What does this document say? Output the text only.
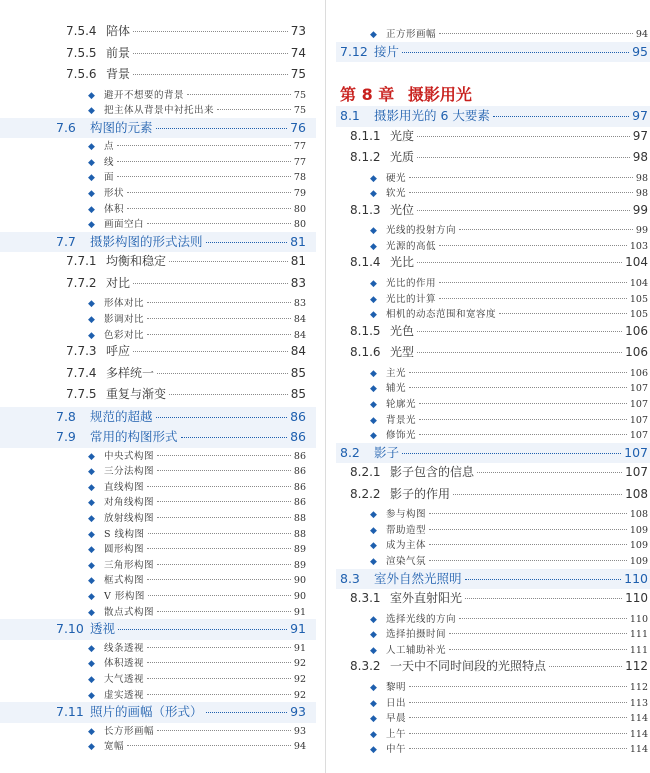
7.5.4 陪体	73
7.5.5 前景	74
7.5.6 背景	75
◆ 避开不想要的背景	75
◆ 把主体从背景中衬托出来	75
7.6	构图的元素	76
◆ 点	77
◆ 线	77
◆ 面	78
◆ 形状	79
◆ 体积	80
◆ 画面空白	80
7.7	摄影构图的形式法则	81
7.7.1 均衡和稳定	81
7.7.2 对比	83
◆ 形体对比	83
◆ 影调对比	84
◆ 色彩对比	84
7.7.3 呼应	84
7.7.4 多样统一	85
7.7.5 重复与渐变	85
7.8	规范的超越	86
7.9	常用的构图形式	86
◆ 中央式构图	86
◆ 三分法构图	86
◆ 直线构图	86
◆ 对角线构图	86
◆ 放射线构图	88
◆ S 线构图	88
◆ 圆形构图	89
◆ 三角形构图	89
◆ 框式构图	90
◆ V 形构图	90
◆ 散点式构图	91
7.10 透视	91
◆ 线条透视	91
◆ 体积透视	92
◆ 大气透视	92
◆ 虚实透视	92
7.11 照片的画幅（形式）	93
◆ 长方形画幅	93
◆ 宽幅	94
◆ 正方形画幅	94
7.12 接片	95
第 8 章 摄影用光
8.1	摄影用光的 6 大要素	97
8.1.1 光度	97
8.1.2 光质	98
◆ 硬光	98
◆ 软光	98
8.1.3 光位	99
◆ 光线的投射方向	99
◆ 光源的高低	103
8.1.4 光比	104
◆ 光比的作用	104
◆ 光比的计算	105
◆ 相机的动态范围和宽容度	105
8.1.5 光色	106
8.1.6 光型	106
◆ 主光	106
◆ 辅光	107
◆ 轮廓光	107
◆ 背景光	107
◆ 修饰光	107
8.2	影子	107
8.2.1 影子包含的信息	107
8.2.2 影子的作用	108
◆ 参与构图	108
◆ 帮助造型	109
◆ 成为主体	109
◆ 渲染气氛	109
8.3	室外自然光照明	110
8.3.1 室外直射阳光	110
◆ 选择光线的方向	110
◆ 选择拍摄时间	111
◆ 人工辅助补光	111
8.3.2 一天中不同时间段的光照特点	112
◆ 黎明	112
◆ 日出	113
◆ 早晨	114
◆ 上午	114
◆ 中午	114
